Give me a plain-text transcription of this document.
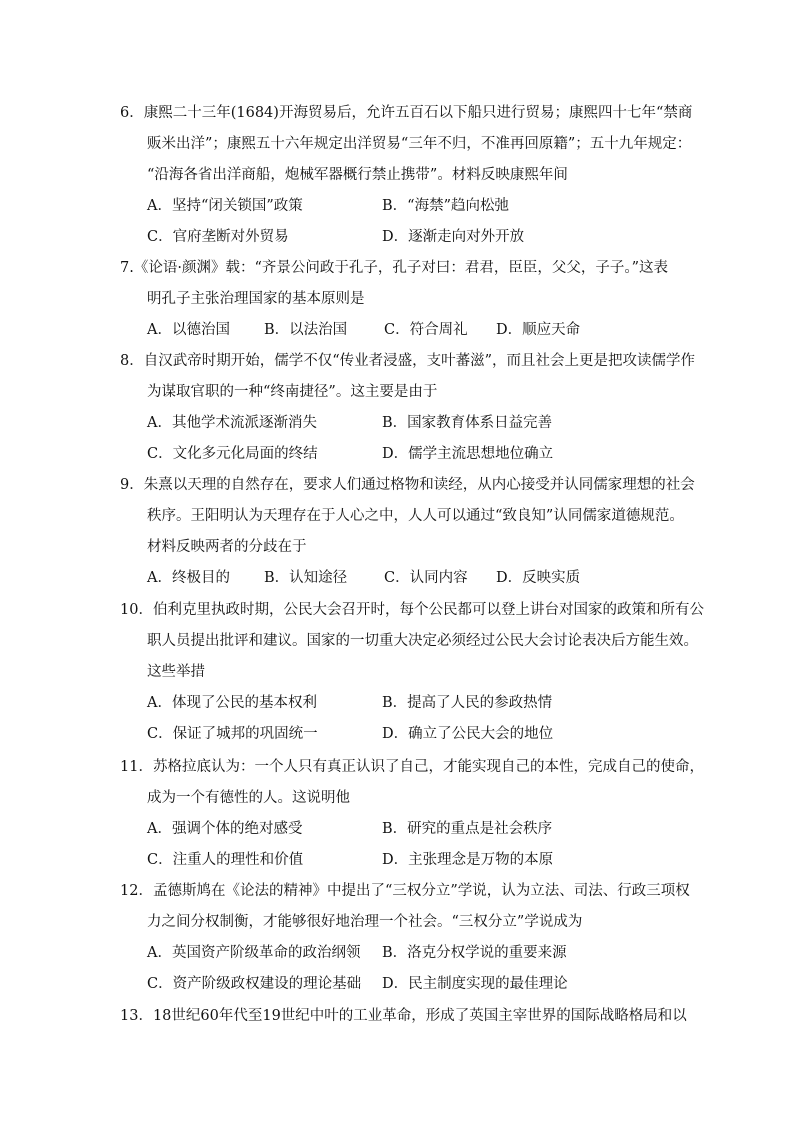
6．康熙二十三年(1684)开海贸易后，允许五百石以下船只进行贸易；康熙四十七年“禁商
贩米出洋”；康熙五十六年规定出洋贸易“三年不归，不准再回原籍”；五十九年规定：
“沿海各省出洋商船，炮械军器概行禁止携带”。材料反映康熙年间

A．坚持“闭关锁国”政策	B．“海禁”趋向松弛
C．官府垄断对外贸易	D．逐渐走向对外开放

7.《论语·颜渊》载：“齐景公问政于孔子，孔子对曰：君君，臣臣，父父，子子。”这表
明孔子主张治理国家的基本原则是

A．以德治国	B．以法治国	C．符合周礼	D．顺应天命

8．自汉武帝时期开始，儒学不仅“传业者浸盛，支叶蕃滋”，而且社会上更是把攻读儒学作
为谋取官职的一种“终南捷径”。这主要是由于

A．其他学术流派逐渐消失	B．国家教育体系日益完善
C．文化多元化局面的终结	D．儒学主流思想地位确立

9．朱熹以天理的自然存在，要求人们通过格物和读经，从内心接受并认同儒家理想的社会
秩序。王阳明认为天理存在于人心之中，人人可以通过“致良知”认同儒家道德规范。
材料反映两者的分歧在于

A．终极目的	B．认知途径	C．认同内容	D．反映实质

10．伯利克里执政时期，公民大会召开时，每个公民都可以登上讲台对国家的政策和所有公
职人员提出批评和建议。国家的一切重大决定必须经过公民大会讨论表决后方能生效。
这些举措

A．体现了公民的基本权利	B．提高了人民的参政热情
C．保证了城邦的巩固统一	D．确立了公民大会的地位

11．苏格拉底认为：一个人只有真正认识了自己，才能实现自己的本性，完成自己的使命，
成为一个有德性的人。这说明他

A．强调个体的绝对感受	B．研究的重点是社会秩序
C．注重人的理性和价值	D．主张理念是万物的本原

12．孟德斯鸠在《论法的精神》中提出了“三权分立”学说，认为立法、司法、行政三项权
力之间分权制衡，才能够很好地治理一个社会。“三权分立”学说成为

A．英国资产阶级革命的政治纲领	B．洛克分权学说的重要来源
C．资产阶级政权建设的理论基础	D．民主制度实现的最佳理论

13．18世纪60年代至19世纪中叶的工业革命，形成了英国主宰世界的国际战略格局和以
